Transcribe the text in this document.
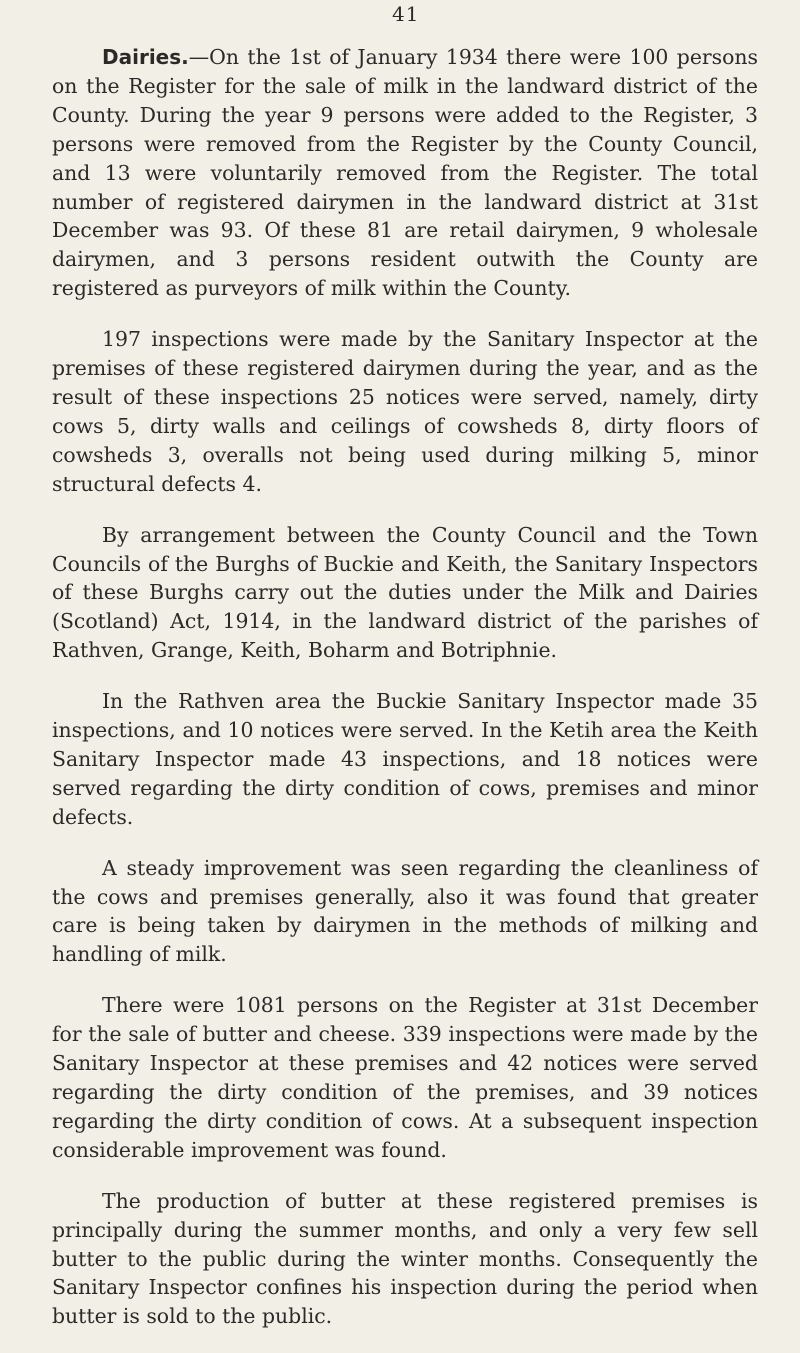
41

Dairies.—On the 1st of January 1934 there were 100 persons on the Register for the sale of milk in the landward district of the County. During the year 9 persons were added to the Register, 3 persons were removed from the Register by the County Council, and 13 were voluntarily removed from the Register. The total number of registered dairymen in the landward district at 31st December was 93. Of these 81 are retail dairymen, 9 wholesale dairymen, and 3 persons resident outwith the County are registered as purveyors of milk within the County.

197 inspections were made by the Sanitary Inspector at the premises of these registered dairymen during the year, and as the result of these inspections 25 notices were served, namely, dirty cows 5, dirty walls and ceilings of cowsheds 8, dirty floors of cowsheds 3, overalls not being used during milking 5, minor structural defects 4.

By arrangement between the County Council and the Town Councils of the Burghs of Buckie and Keith, the Sanitary Inspectors of these Burghs carry out the duties under the Milk and Dairies (Scotland) Act, 1914, in the landward district of the parishes of Rathven, Grange, Keith, Boharm and Botriphnie.

In the Rathven area the Buckie Sanitary Inspector made 35 inspections, and 10 notices were served. In the Ketih area the Keith Sanitary Inspector made 43 inspections, and 18 notices were served regarding the dirty condition of cows, premises and minor defects.

A steady improvement was seen regarding the cleanliness of the cows and premises generally, also it was found that greater care is being taken by dairymen in the methods of milking and handling of milk.

There were 1081 persons on the Register at 31st December for the sale of butter and cheese. 339 inspections were made by the Sanitary Inspector at these premises and 42 notices were served regarding the dirty condition of the premises, and 39 notices regarding the dirty condition of cows. At a subsequent inspection considerable improvement was found.

The production of butter at these registered premises is principally during the summer months, and only a very few sell butter to the public during the winter months. Consequently the Sanitary Inspector confines his inspection during the period when butter is sold to the public.
